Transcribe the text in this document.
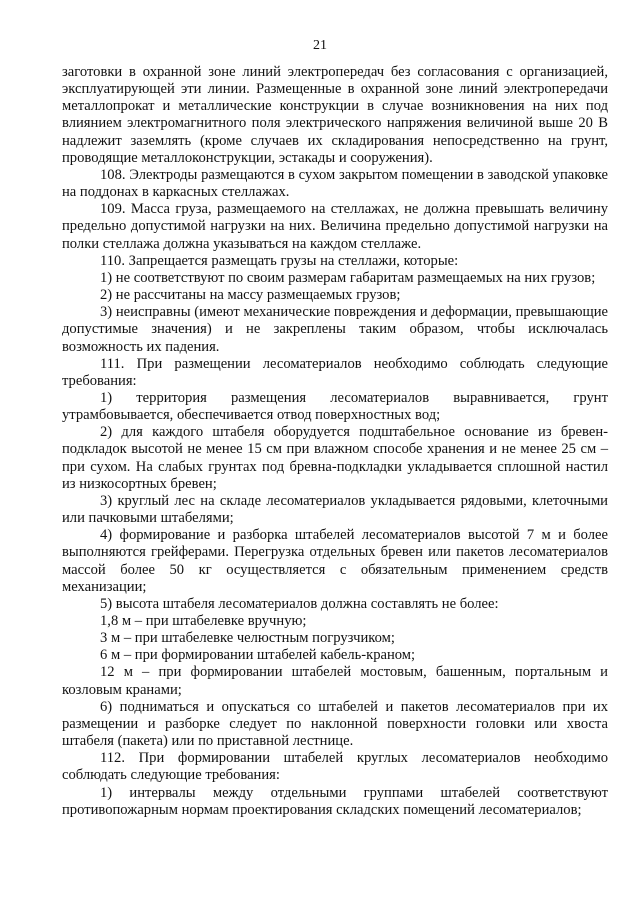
21

заготовки в охранной зоне линий электропередач без согласования с организацией, эксплуатирующей эти линии. Размещенные в охранной зоне линий электропередачи металлопрокат и металлические конструкции в случае возникновения на них под влиянием электромагнитного поля электрического напряжения величиной выше 20 В надлежит заземлять (кроме случаев их складирования непосредственно на грунт, проводящие металлоконструкции, эстакады и сооружения).

108. Электроды размещаются в сухом закрытом помещении в заводской упаковке на поддонах в каркасных стеллажах.

109. Масса груза, размещаемого на стеллажах, не должна превышать величину предельно допустимой нагрузки на них. Величина предельно допустимой нагрузки на полки стеллажа должна указываться на каждом стеллаже.

110. Запрещается размещать грузы на стеллажи, которые:

1) не соответствуют по своим размерам габаритам размещаемых на них грузов;

2) не рассчитаны на массу размещаемых грузов;

3) неисправны (имеют механические повреждения и деформации, превышающие допустимые значения) и не закреплены таким образом, чтобы исключалась возможность их падения.

111. При размещении лесоматериалов необходимо соблюдать следующие требования:

1) территория размещения лесоматериалов выравнивается, грунт утрамбовывается, обеспечивается отвод поверхностных вод;

2) для каждого штабеля оборудуется подштабельное основание из бревен-подкладок высотой не менее 15 см при влажном способе хранения и не менее 25 см – при сухом. На слабых грунтах под бревна-подкладки укладывается сплошной настил из низкосортных бревен;

3) круглый лес на складе лесоматериалов укладывается рядовыми, клеточными или пачковыми штабелями;

4) формирование и разборка штабелей лесоматериалов высотой 7 м и более выполняются грейферами. Перегрузка отдельных бревен или пакетов лесоматериалов массой более 50 кг осуществляется с обязательным применением средств механизации;

5) высота штабеля лесоматериалов должна составлять не более:

1,8 м – при штабелевке вручную;

3 м – при штабелевке челюстным погрузчиком;

6 м – при формировании штабелей кабель-краном;

12 м – при формировании штабелей мостовым, башенным, портальным и козловым кранами;

6) подниматься и опускаться со штабелей и пакетов лесоматериалов при их размещении и разборке следует по наклонной поверхности головки или хвоста штабеля (пакета) или по приставной лестнице.

112. При формировании штабелей круглых лесоматериалов необходимо соблюдать следующие требования:

1) интервалы между отдельными группами штабелей соответствуют противопожарным нормам проектирования складских помещений лесоматериалов;
